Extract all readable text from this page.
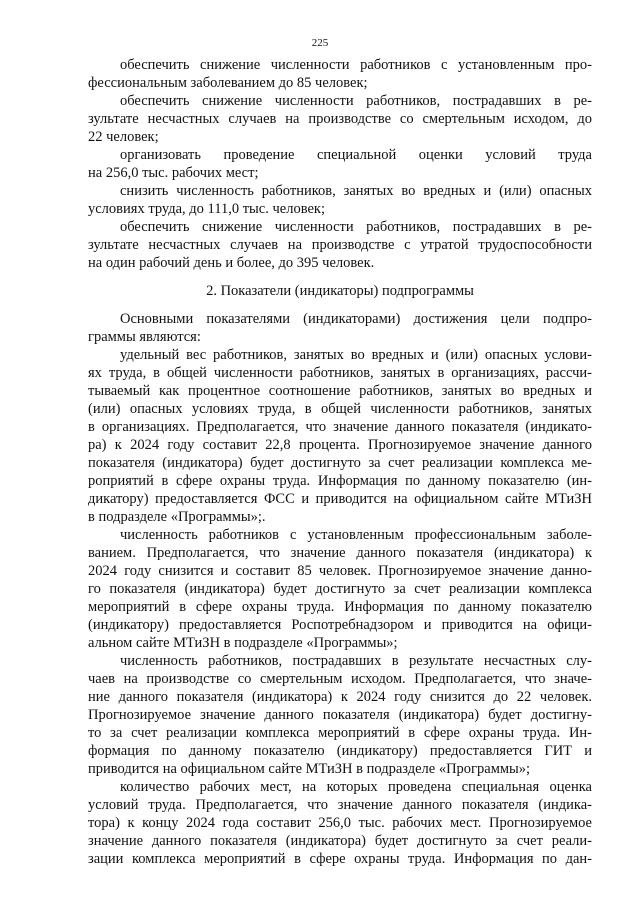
225
обеспечить снижение численности работников с установленным про-
фессиональным заболеванием до 85 человек;
обеспечить снижение численности работников, пострадавших в ре-
зультате несчастных случаев на производстве со смертельным исходом, до
22 человек;
организовать проведение специальной оценки условий труда
на 256,0 тыс. рабочих мест;
снизить численность работников, занятых во вредных и (или) опасных
условиях труда, до 111,0 тыс. человек;
обеспечить снижение численности работников, пострадавших в ре-
зультате несчастных случаев на производстве с утратой трудоспособности
на один рабочий день и более, до 395 человек.
2. Показатели (индикаторы) подпрограммы
Основными показателями (индикаторами) достижения цели подпро-
граммы являются:
удельный вес работников, занятых во вредных и (или) опасных услови-
ях труда, в общей численности работников, занятых в организациях, рассчи-
тываемый как процентное соотношение работников, занятых во вредных и
(или) опасных условиях труда, в общей численности работников, занятых
в организациях. Предполагается, что значение данного показателя (индикато-
ра) к 2024 году составит 22,8 процента. Прогнозируемое значение данного
показателя (индикатора) будет достигнуто за счет реализации комплекса ме-
роприятий в сфере охраны труда. Информация по данному показателю (ин-
дикатору) предоставляется ФСС и приводится на официальном сайте МТиЗН
в подразделе «Программы»;.
численность работников с установленным профессиональным заболе-
ванием. Предполагается, что значение данного показателя (индикатора) к
2024 году снизится и составит 85 человек. Прогнозируемое значение данно-
го показателя (индикатора) будет достигнуто за счет реализации комплекса
мероприятий в сфере охраны труда. Информация по данному показателю
(индикатору) предоставляется Роспотребнадзором и приводится на офици-
альном сайте МТиЗН в подразделе «Программы»;
численность работников, пострадавших в результате несчастных слу-
чаев на производстве со смертельным исходом. Предполагается, что значе-
ние данного показателя (индикатора) к 2024 году снизится до 22 человек.
Прогнозируемое значение данного показателя (индикатора) будет достигну-
то за счет реализации комплекса мероприятий в сфере охраны труда. Ин-
формация по данному показателю (индикатору) предоставляется ГИТ и
приводится на официальном сайте МТиЗН в подразделе «Программы»;
количество рабочих мест, на которых проведена специальная оценка
условий труда. Предполагается, что значение данного показателя (индика-
тора) к концу 2024 года составит 256,0 тыс. рабочих мест. Прогнозируемое
значение данного показателя (индикатора) будет достигнуто за счет реали-
зации комплекса мероприятий в сфере охраны труда. Информация по дан-
